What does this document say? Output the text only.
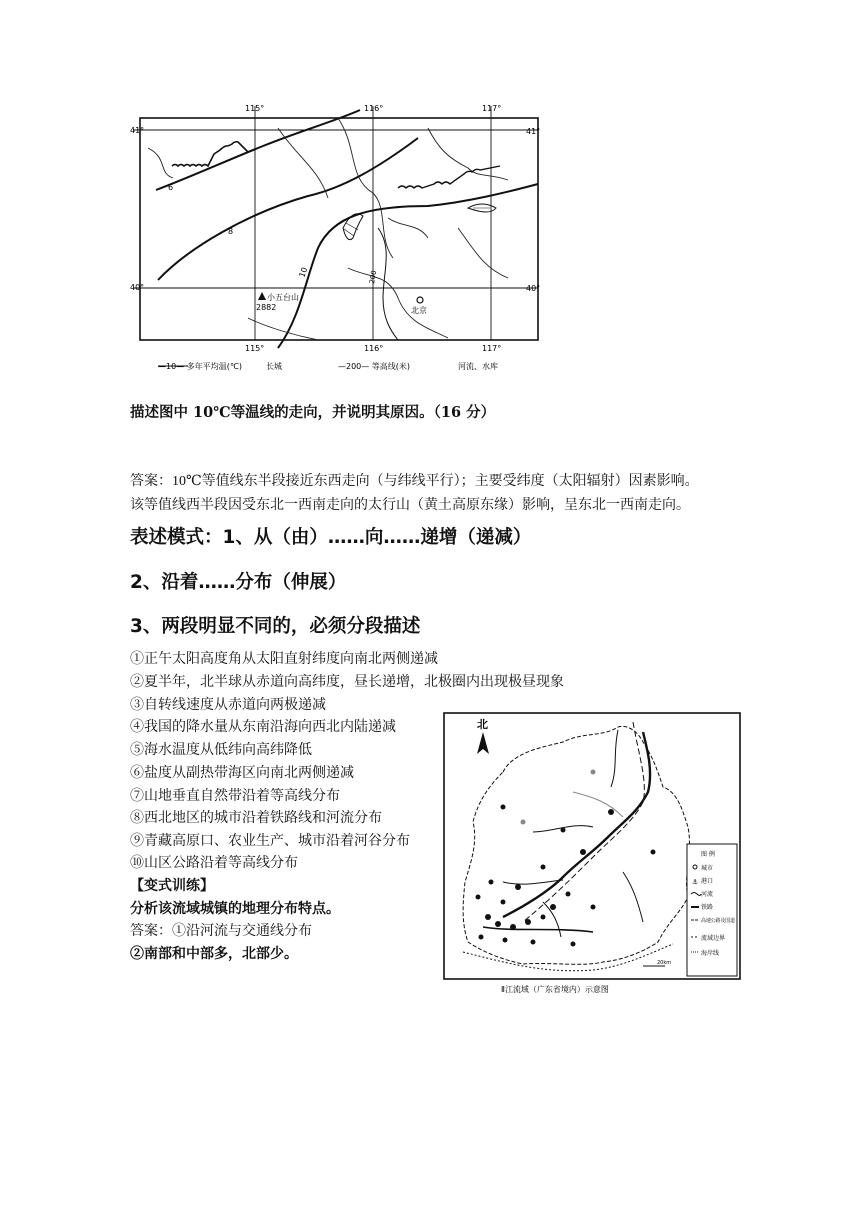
115°	116°	117°
115°	116°	117°
41°	41°
40°	40°
6
8
10	200
小五台山
2882	北京
—10— 多年平均温(℃)	长城	—200— 等高线(米)	河流、水库
描述图中 10℃等温线的走向，并说明其原因。（16 分）
答案：10℃等值线东半段接近东西走向（与纬线平行）；主要受纬度（太阳辐射）因素影响。
该等值线西半段因受东北一西南走向的太行山（黄土高原东缘）影响，呈东北一西南走向。
表述模式：1、从（由）……向……递增（递减）
2、沿着……分布（伸展）
3、两段明显不同的，必须分段描述
①正午太阳高度角从太阳直射纬度向南北两侧递减
②夏半年，北半球从赤道向高纬度，昼长递增，北极圈内出现极昼现象
③自转线速度从赤道向两极递减
④我国的降水量从东南沿海向西北内陆递减
⑤海水温度从低纬向高纬降低
⑥盐度从副热带海区向南北两侧递减
⑦山地垂直自然带沿着等高线分布
⑧西北地区的城市沿着铁路线和河流分布
⑨青藏高原口、农业生产、城市沿着河谷分布
⑩山区公路沿着等高线分布
【变式训练】
分析该流域城镇的地理分布特点。
答案：①沿河流与交通线分布
②南部和中部多，北部少。
北
图 例
城市
⚓ 港口
河流
铁路
高速公路及国道
流域边界
海岸线
20km
Ⅱ江流域（广东省境内）示意图
